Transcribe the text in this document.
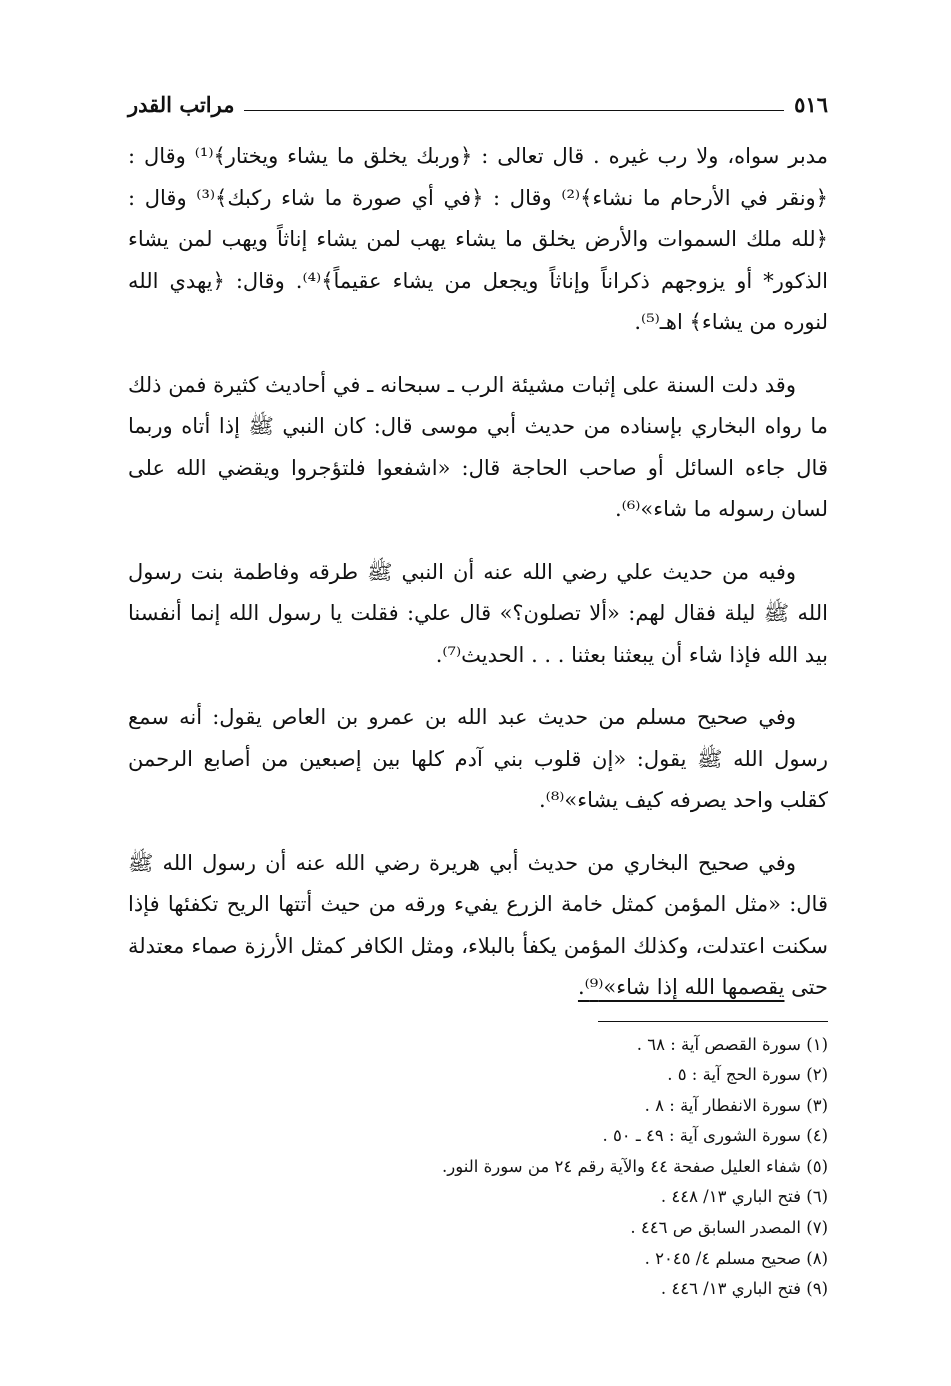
٥١٦
مراتب القدر

مدبر سواه، ولا رب غيره . قال تعالى : ﴿وربك يخلق ما يشاء ويختار﴾⁽¹⁾ وقال : ﴿ونقر في الأرحام ما نشاء﴾⁽²⁾ وقال : ﴿في أي صورة ما شاء ركبك﴾⁽³⁾ وقال : ﴿لله ملك السموات والأرض يخلق ما يشاء يهب لمن يشاء إناثاً ويهب لمن يشاء الذكور* أو يزوجهم ذكراناً وإناثاً ويجعل من يشاء عقيماً﴾⁽⁴⁾. وقال: ﴿يهدي الله لنوره من يشاء﴾ اهـ⁽⁵⁾.

وقد دلت السنة على إثبات مشيئة الرب ـ سبحانه ـ في أحاديث كثيرة فمن ذلك ما رواه البخاري بإسناده من حديث أبي موسى قال: كان النبي ﷺ إذا أتاه وربما قال جاءه السائل أو صاحب الحاجة قال: «اشفعوا فلتؤجروا ويقضي الله على لسان رسوله ما شاء»⁽⁶⁾.

وفيه من حديث علي رضي الله عنه أن النبي ﷺ طرقه وفاطمة بنت رسول الله ﷺ ليلة فقال لهم: «ألا تصلون؟» قال علي: فقلت يا رسول الله إنما أنفسنا بيد الله فإذا شاء أن يبعثنا بعثنا . . . الحديث⁽⁷⁾.

وفي صحيح مسلم من حديث عبد الله بن عمرو بن العاص يقول: أنه سمع رسول الله ﷺ يقول: «إن قلوب بني آدم كلها بين إصبعين من أصابع الرحمن كقلب واحد يصرفه كيف يشاء»⁽⁸⁾.

وفي صحيح البخاري من حديث أبي هريرة رضي الله عنه أن رسول الله ﷺ قال: «مثل المؤمن كمثل خامة الزرع يفيء ورقه من حيث أتتها الريح تكفئها فإذا سكنت اعتدلت، وكذلك المؤمن يكفأ بالبلاء، ومثل الكافر كمثل الأرزة صماء معتدلة حتى يقصمها الله إذا شاء»⁽⁹⁾.

(١) سورة القصص آية : ٦٨ .
(٢) سورة الحج آية : ٥ .
(٣) سورة الانفطار آية : ٨ .
(٤) سورة الشورى آية : ٤٩ ـ ٥٠ .
(٥) شفاء العليل صفحة ٤٤ والآية رقم ٢٤ من سورة النور.
(٦) فتح الباري ١٣/ ٤٤٨ .
(٧) المصدر السابق ص ٤٤٦ .
(٨) صحيح مسلم ٤/ ٢٠٤٥ .
(٩) فتح الباري ١٣/ ٤٤٦ .
